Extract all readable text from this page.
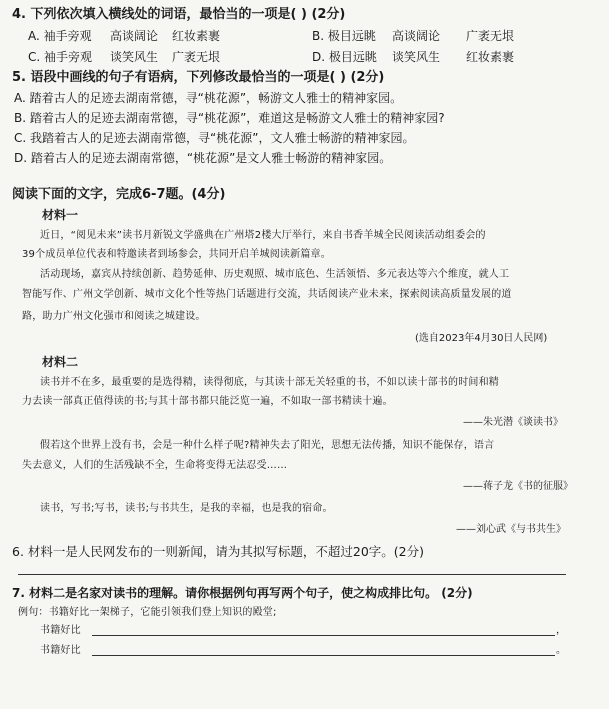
4. 下列依次填入横线处的词语，最恰当的一项是( ) (2分)
A. 袖手旁观 高谈阔论 红妆素裹	B. 极目远眺 高谈阔论 广袤无垠
C. 袖手旁观 谈笑风生 广袤无垠	D. 极目远眺 谈笑风生 红妆素裹
5. 语段中画线的句子有语病，下列修改最恰当的一项是( ) (2分)
A. 踏着古人的足迹去湖南常德，寻“桃花源”，畅游文人雅士的精神家园。
B. 踏着古人的足迹去湖南常德，寻“桃花源”，难道这是畅游文人雅士的精神家园?
C. 我踏着古人的足迹去湖南常德，寻“桃花源”，文人雅士畅游的精神家园。
D. 踏着古人的足迹去湖南常德，“桃花源”是文人雅士畅游的精神家园。
阅读下面的文字，完成6-7题。(4分)
材料一
近日，“阅见未来”读书月新锐文学盛典在广州塔2楼大厅举行，来自书香羊城全民阅读活动组委会的
39个成员单位代表和特邀读者到场参会，共同开启羊城阅读新篇章。
活动现场，嘉宾从持续创新、趋势延伸、历史观照、城市底色、生活领悟、多元表达等六个维度，就人工
智能写作、广州文学创新、城市文化个性等热门话题进行交流，共话阅读产业未来，探索阅读高质量发展的道
路，助力广州文化强市和阅读之城建设。
(选自2023年4月30日人民网)
材料二
读书并不在多，最重要的是选得精，读得彻底，与其读十部无关轻重的书，不如以读十部书的时间和精
力去读一部真正值得读的书;与其十部书都只能泛览一遍，不如取一部书精读十遍。
——朱光潜《谈读书》
假若这个世界上没有书，会是一种什么样子呢?精神失去了阳光，思想无法传播，知识不能保存，语言
失去意义，人们的生活残缺不全，生命将变得无法忍受……
——蒋子龙《书的征服》
读书，写书;写书，读书;与书共生，是我的幸福，也是我的宿命。
——刘心武《与书共生》
6. 材料一是人民网发布的一则新闻，请为其拟写标题，不超过20字。(2分)
7. 材料二是名家对读书的理解。请你根据例句再写两个句子，使之构成排比句。 (2分)
例句：书籍好比一架梯子，它能引领我们登上知识的殿堂;
书籍好比	，
书籍好比	。
